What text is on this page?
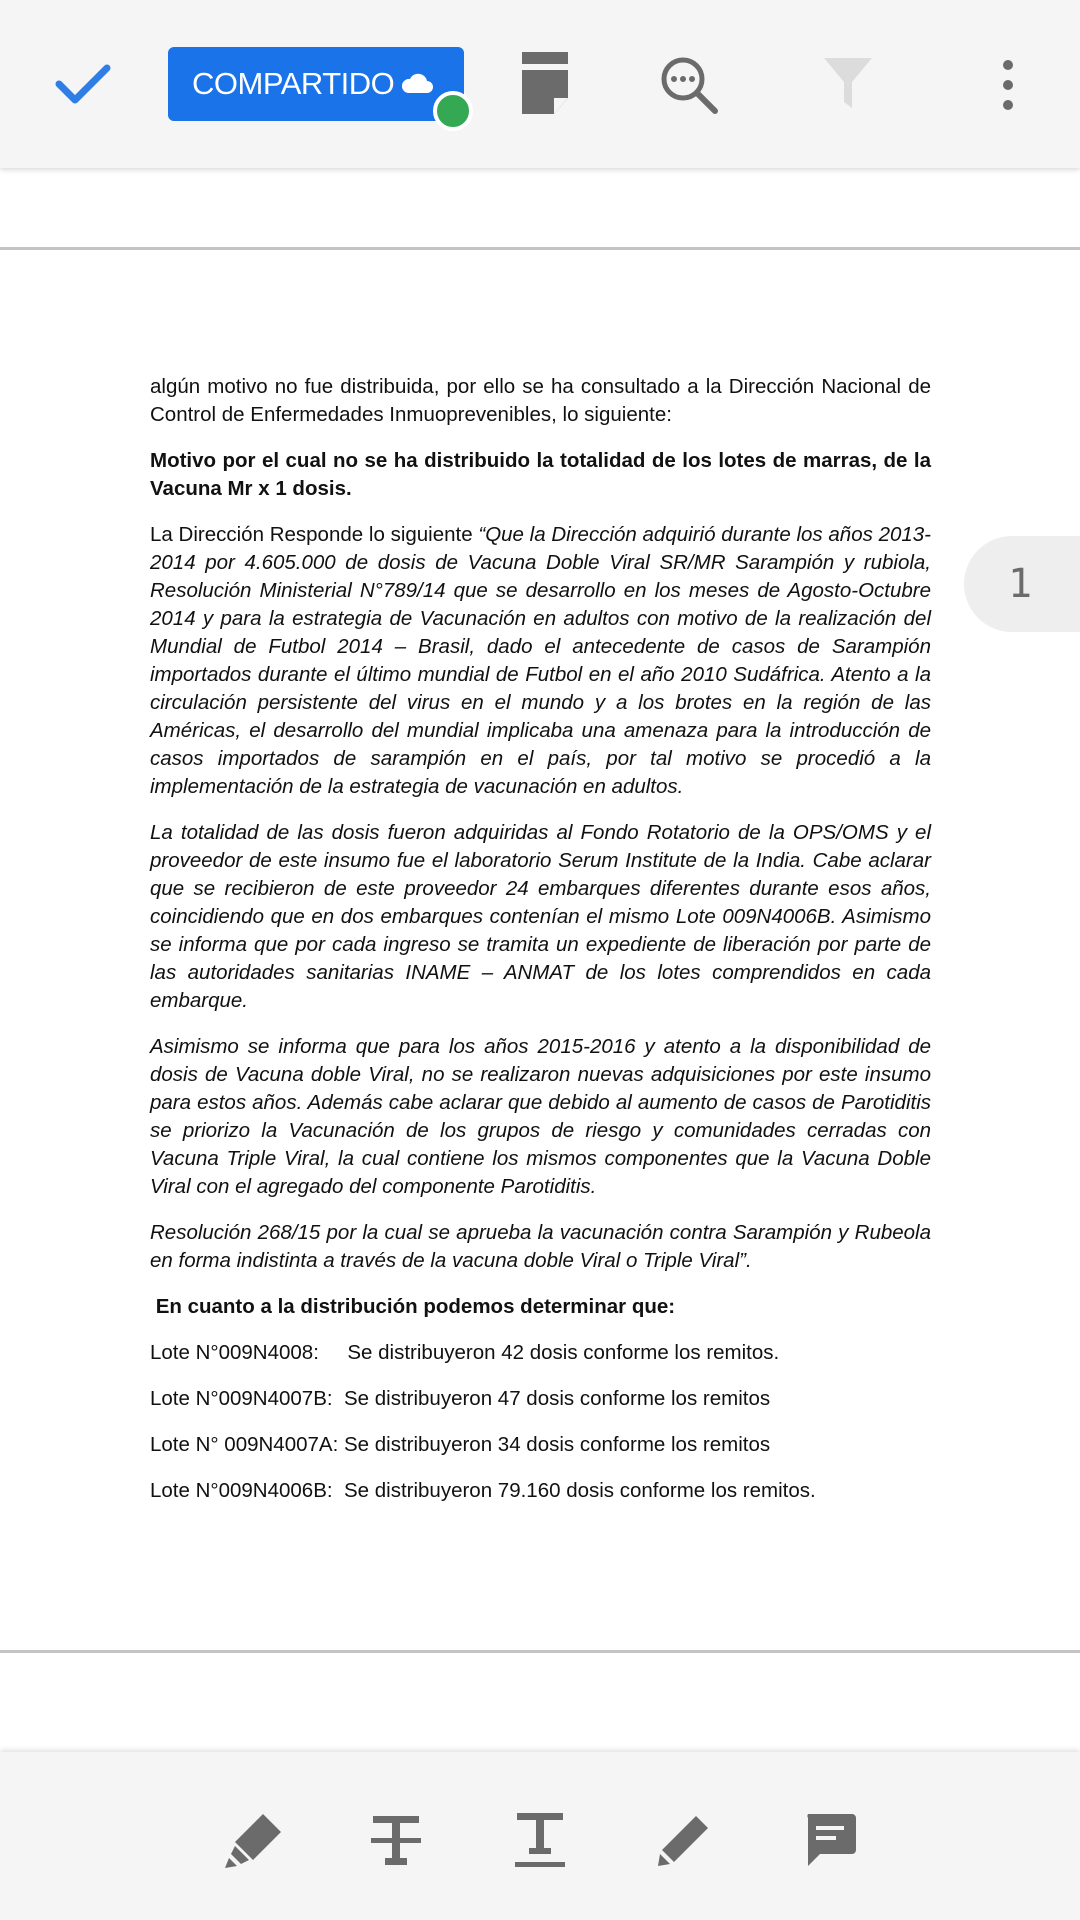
COMPARTIDO

algún motivo no fue distribuida, por ello se ha consultado a la Dirección Nacional de Control de Enfermedades Inmuoprevenibles, lo siguiente:

Motivo por el cual no se ha distribuido la totalidad de los lotes de marras, de la Vacuna Mr x 1 dosis.

La Dirección Responde lo siguiente “Que la Dirección adquirió durante los años 2013-2014 por 4.605.000 de dosis de Vacuna Doble Viral SR/MR Sarampión y rubiola, Resolución Ministerial N°789/14 que se desarrollo en los meses de Agosto-Octubre 2014 y para la estrategia de Vacunación en adultos con motivo de la realización del Mundial de Futbol 2014 – Brasil, dado el antecedente de casos de Sarampión importados durante el último mundial de Futbol en el año 2010 Sudáfrica. Atento a la circulación persistente del virus en el mundo y a los brotes en la región de las Américas, el desarrollo del mundial implicaba una amenaza para la introducción de casos importados de sarampión en el país, por tal motivo se procedió a la implementación de la estrategia de vacunación en adultos.

La totalidad de las dosis fueron adquiridas al Fondo Rotatorio de la OPS/OMS y el proveedor de este insumo fue el laboratorio Serum Institute de la India. Cabe aclarar que se recibieron de este proveedor 24 embarques diferentes durante esos años, coincidiendo que en dos embarques contenían el mismo Lote 009N4006B. Asimismo se informa que por cada ingreso se tramita un expediente de liberación por parte de las autoridades sanitarias INAME – ANMAT de los lotes comprendidos en cada embarque.

Asimismo se informa que para los años 2015-2016 y atento a la disponibilidad de dosis de Vacuna doble Viral, no se realizaron nuevas adquisiciones por este insumo para estos años. Además cabe aclarar que debido al aumento de casos de Parotiditis se priorizo la Vacunación de los grupos de riesgo y comunidades cerradas con Vacuna Triple Viral, la cual contiene los mismos componentes que la Vacuna Doble Viral con el agregado del componente Parotiditis.

Resolución 268/15 por la cual se aprueba la vacunación contra Sarampión y Rubeola en forma indistinta a través de la vacuna doble Viral o Triple Viral”.

En cuanto a la distribución podemos determinar que:

Lote N°009N4008:     Se distribuyeron 42 dosis conforme los remitos.

Lote N°009N4007B:  Se distribuyeron 47 dosis conforme los remitos

Lote N° 009N4007A: Se distribuyeron 34 dosis conforme los remitos

Lote N°009N4006B:  Se distribuyeron 79.160 dosis conforme los remitos.

1
